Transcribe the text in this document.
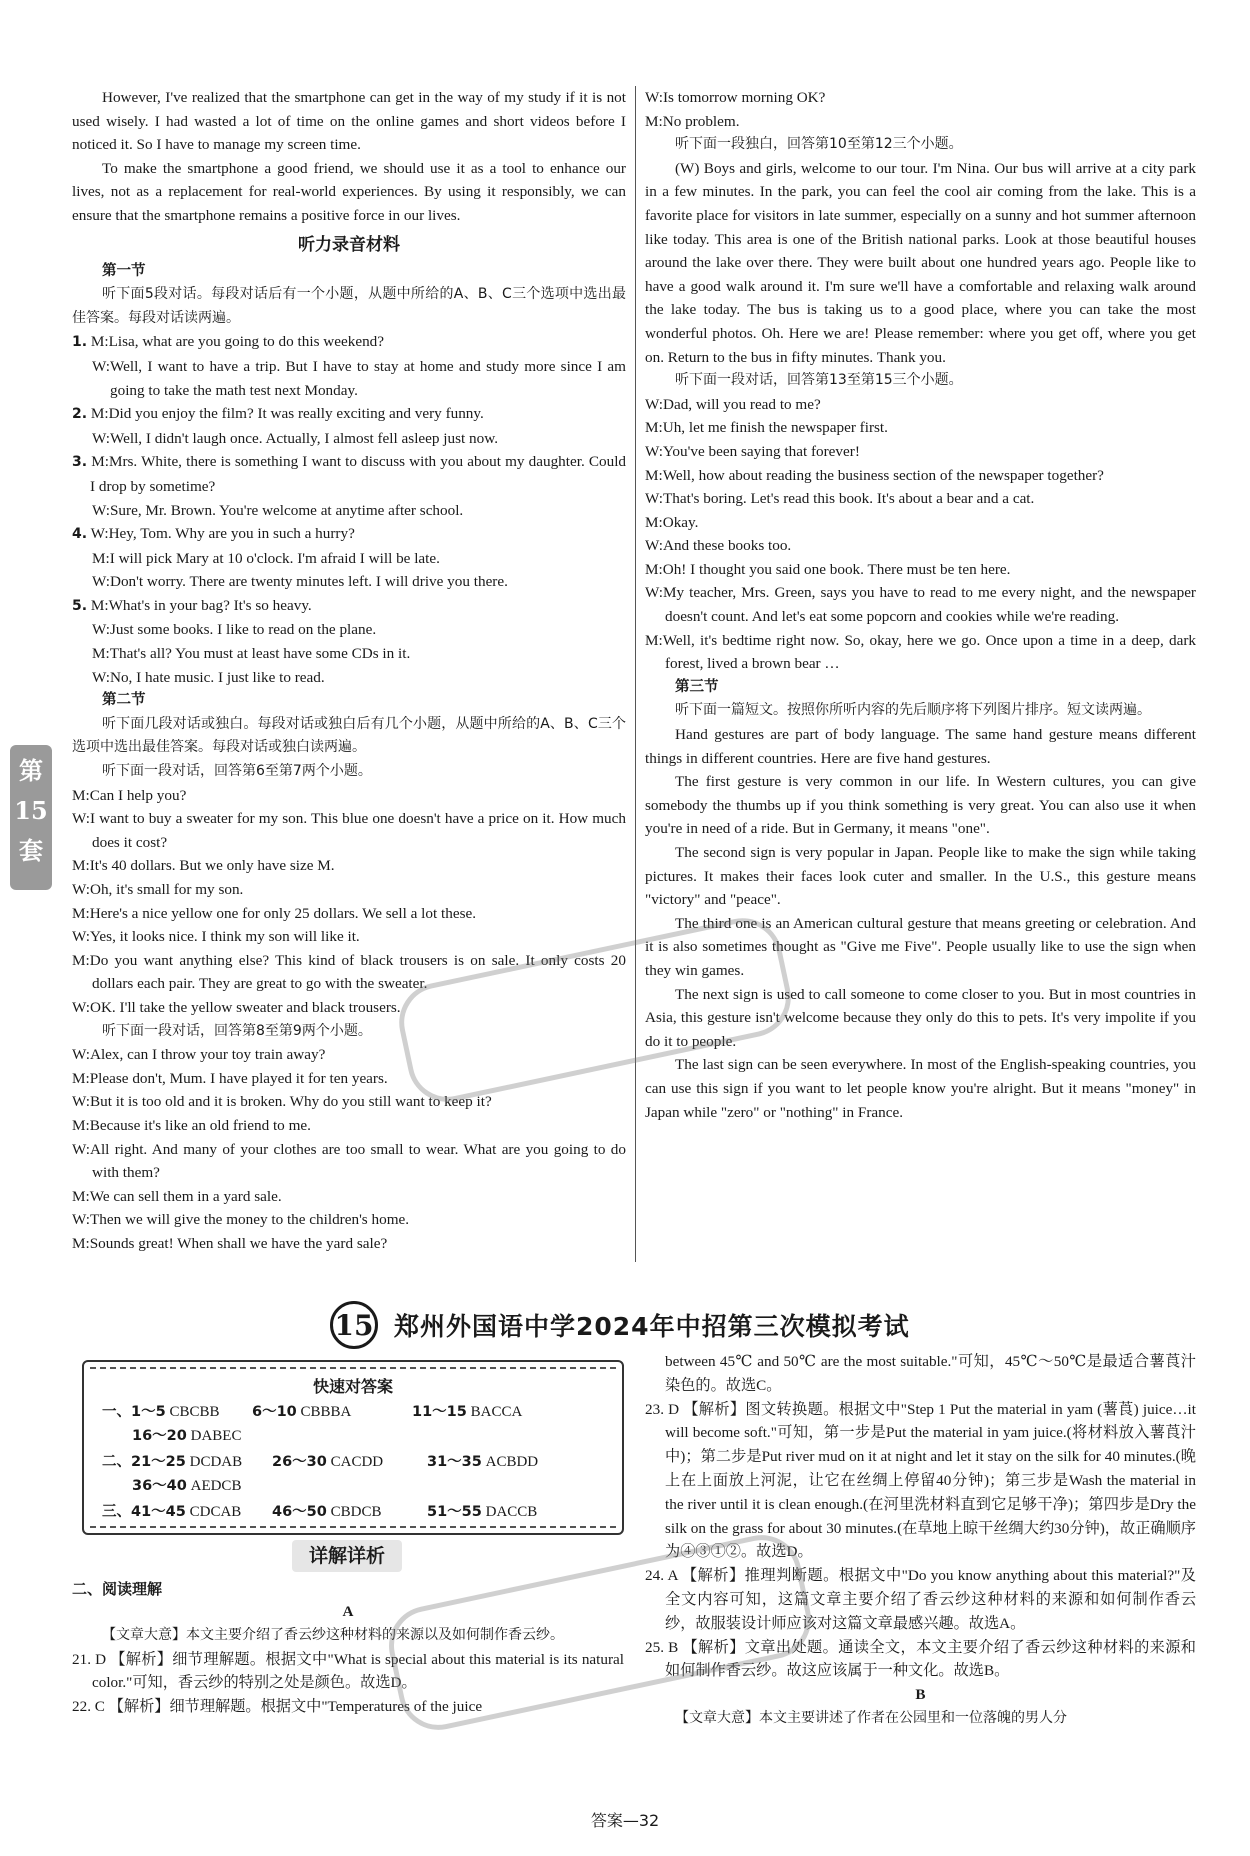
第
15
套

However, I've realized that the smartphone can get in the way of my study if it is not used wisely. I had wasted a lot of time on the online games and short videos before I noticed it. So I have to manage my screen time.

To make the smartphone a good friend, we should use it as a tool to enhance our lives, not as a replacement for real-world experiences. By using it responsibly, we can ensure that the smartphone remains a positive force in our lives.

听力录音材料

第一节

听下面5段对话。每段对话后有一个小题，从题中所给的A、B、C三个选项中选出最佳答案。每段对话读两遍。

1. M:Lisa, what are you going to do this weekend?

W:Well, I want to have a trip. But I have to stay at home and study more since I am going to take the math test next Monday.

2. M:Did you enjoy the film? It was really exciting and very funny.

W:Well, I didn't laugh once. Actually, I almost fell asleep just now.

3. M:Mrs. White, there is something I want to discuss with you about my daughter. Could I drop by sometime?

W:Sure, Mr. Brown. You're welcome at anytime after school.

4. W:Hey, Tom. Why are you in such a hurry?

M:I will pick Mary at 10 o'clock. I'm afraid I will be late.

W:Don't worry. There are twenty minutes left. I will drive you there.

5. M:What's in your bag? It's so heavy.

W:Just some books. I like to read on the plane.

M:That's all? You must at least have some CDs in it.

W:No, I hate music. I just like to read.

第二节

听下面几段对话或独白。每段对话或独白后有几个小题，从题中所给的A、B、C三个选项中选出最佳答案。每段对话或独白读两遍。

听下面一段对话，回答第6至第7两个小题。

M:Can I help you?

W:I want to buy a sweater for my son. This blue one doesn't have a price on it. How much does it cost?

M:It's 40 dollars. But we only have size M.

W:Oh, it's small for my son.

M:Here's a nice yellow one for only 25 dollars. We sell a lot these.

W:Yes, it looks nice. I think my son will like it.

M:Do you want anything else? This kind of black trousers is on sale. It only costs 20 dollars each pair. They are great to go with the sweater.

W:OK. I'll take the yellow sweater and black trousers.

听下面一段对话，回答第8至第9两个小题。

W:Alex, can I throw your toy train away?

M:Please don't, Mum. I have played it for ten years.

W:But it is too old and it is broken. Why do you still want to keep it?

M:Because it's like an old friend to me.

W:All right. And many of your clothes are too small to wear. What are you going to do with them?

M:We can sell them in a yard sale.

W:Then we will give the money to the children's home.

M:Sounds great! When shall we have the yard sale?

W:Is tomorrow morning OK?

M:No problem.

听下面一段独白，回答第10至第12三个小题。

(W) Boys and girls, welcome to our tour. I'm Nina. Our bus will arrive at a city park in a few minutes. In the park, you can feel the cool air coming from the lake. This is a favorite place for visitors in late summer, especially on a sunny and hot summer afternoon like today. This area is one of the British national parks. Look at those beautiful houses around the lake over there. They were built about one hundred years ago. People like to have a good walk around it. I'm sure we'll have a comfortable and relaxing walk around the lake today. The bus is taking us to a good place, where you can take the most wonderful photos. Oh. Here we are! Please remember: where you get off, where you get on. Return to the bus in fifty minutes. Thank you.

听下面一段对话，回答第13至第15三个小题。

W:Dad, will you read to me?

M:Uh, let me finish the newspaper first.

W:You've been saying that forever!

M:Well, how about reading the business section of the newspaper together?

W:That's boring. Let's read this book. It's about a bear and a cat.

M:Okay.

W:And these books too.

M:Oh! I thought you said one book. There must be ten here.

W:My teacher, Mrs. Green, says you have to read to me every night, and the newspaper doesn't count. And let's eat some popcorn and cookies while we're reading.

M:Well, it's bedtime right now. So, okay, here we go. Once upon a time in a deep, dark forest, lived a brown bear …

第三节

听下面一篇短文。按照你所听内容的先后顺序将下列图片排序。短文读两遍。

Hand gestures are part of body language. The same hand gesture means different things in different countries. Here are five hand gestures.

The first gesture is very common in our life. In Western cultures, you can give somebody the thumbs up if you think something is very great. You can also use it when you're in need of a ride. But in Germany, it means "one".

The second sign is very popular in Japan. People like to make the sign while taking pictures. It makes their faces look cuter and smaller. In the U.S., this gesture means "victory" and "peace".

The third one is an American cultural gesture that means greeting or celebration. And it is also sometimes thought as "Give me Five". People usually like to use the sign when they win games.

The next sign is used to call someone to come closer to you. But in most countries in Asia, this gesture isn't welcome because they only do this to pets. It's very impolite if you do it to people.

The last sign can be seen everywhere. In most of the English-speaking countries, you can use this sign if you want to let people know you're alright. But it means "money" in Japan while "zero" or "nothing" in France.

15 郑州外国语中学2024年中招第三次模拟考试
快速对答案
一、1～5 CBCBB 6～10 CBBBA	11～15 BACCA
16～20 DABEC
二、21～25 DCDAB 26～30 CACDD	31～35 ACBDD
36～40 AEDCB
三、41～45 CDCAB 46～50 CBDCB	51～55 DACCB
详解详析
二、阅读理解

A

【文章大意】本文主要介绍了香云纱这种材料的来源以及如何制作香云纱。

21. D 【解析】细节理解题。根据文中"What is special about this material is its natural color."可知，香云纱的特别之处是颜色。故选D。

22. C 【解析】细节理解题。根据文中"Temperatures of the juice

between 45℃ and 50℃ are the most suitable."可知，45℃～50℃是最适合薯莨汁染色的。故选C。

23. D 【解析】图文转换题。根据文中"Step 1 Put the material in yam (薯莨) juice…it will become soft."可知，第一步是Put the material in yam juice.(将材料放入薯莨汁中)；第二步是Put river mud on it at night and let it stay on the silk for 40 minutes.(晚上在上面放上河泥，让它在丝绸上停留40分钟)；第三步是Wash the material in the river until it is clean enough.(在河里洗材料直到它足够干净)；第四步是Dry the silk on the grass for about 30 minutes.(在草地上晾干丝绸大约30分钟)，故正确顺序为④③①②。故选D。

24. A 【解析】推理判断题。根据文中"Do you know anything about this material?"及全文内容可知，这篇文章主要介绍了香云纱这种材料的来源和如何制作香云纱，故服装设计师应该对这篇文章最感兴趣。故选A。

25. B 【解析】文章出处题。通读全文，本文主要介绍了香云纱这种材料的来源和如何制作香云纱。故这应该属于一种文化。故选B。

B

【文章大意】本文主要讲述了作者在公园里和一位落魄的男人分

答案—32
